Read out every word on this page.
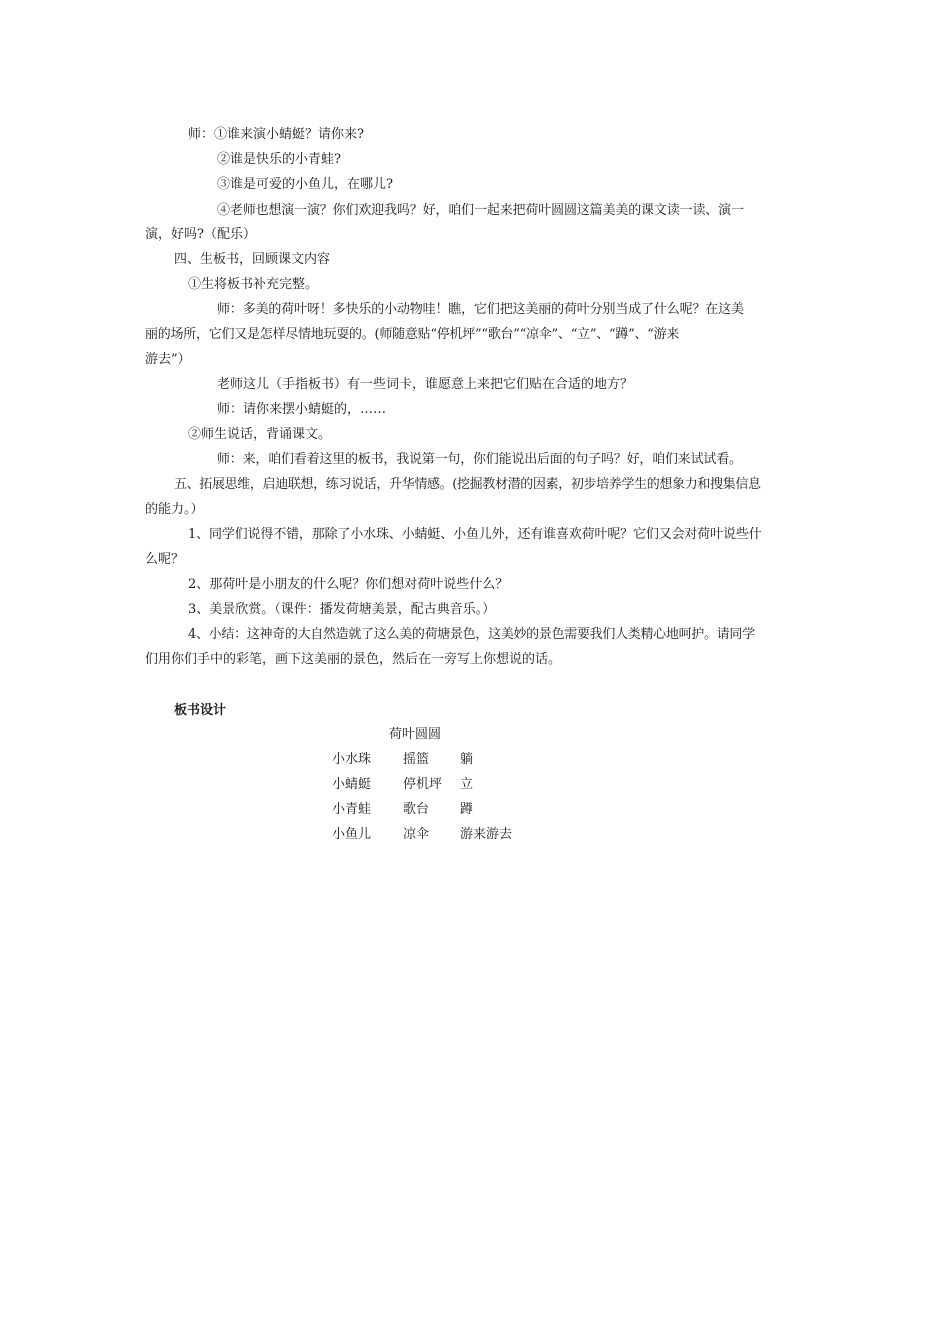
师：①谁来演小蜻蜓？请你来?
②谁是快乐的小青蛙?
③谁是可爱的小鱼儿，在哪儿?
④老师也想演一演？你们欢迎我吗？好，咱们一起来把荷叶圆圆这篇美美的课文读一读、演一
演，好吗?（配乐）
四、生板书，回顾课文内容
①生将板书补充完整。
师：多美的荷叶呀！多快乐的小动物哇！瞧，它们把这美丽的荷叶分别当成了什么呢？在这美
丽的场所，它们又是怎样尽情地玩耍的。(师随意贴“停机坪”“歌台”“凉伞”、“立”、“蹲”、“游来
游去”）
老师这儿（手指板书）有一些词卡，谁愿意上来把它们贴在合适的地方？
师：请你来摆小蜻蜓的，……
②师生说话，背诵课文。
师：来，咱们看着这里的板书，我说第一句，你们能说出后面的句子吗？好，咱们来试试看。
五、拓展思维，启迪联想，练习说话，升华情感。(挖掘教材潜的因素，初步培养学生的想象力和搜集信息
的能力。）
1、同学们说得不错，那除了小水珠、小蜻蜓、小鱼儿外，还有谁喜欢荷叶呢？它们又会对荷叶说些什
么呢？
2、那荷叶是小朋友的什么呢？你们想对荷叶说些什么？
3、美景欣赏。（课件：播发荷塘美景，配古典音乐。）
4、小结：这神奇的大自然造就了这么美的荷塘景色，这美妙的景色需要我们人类精心地呵护。请同学
们用你们手中的彩笔，画下这美丽的景色，然后在一旁写上你想说的话。
板书设计
荷叶圆圆
小水珠 摇篮 躺
小蜻蜓 停机坪 立
小青蛙 歌台 蹲
小鱼儿 凉伞 游来游去
